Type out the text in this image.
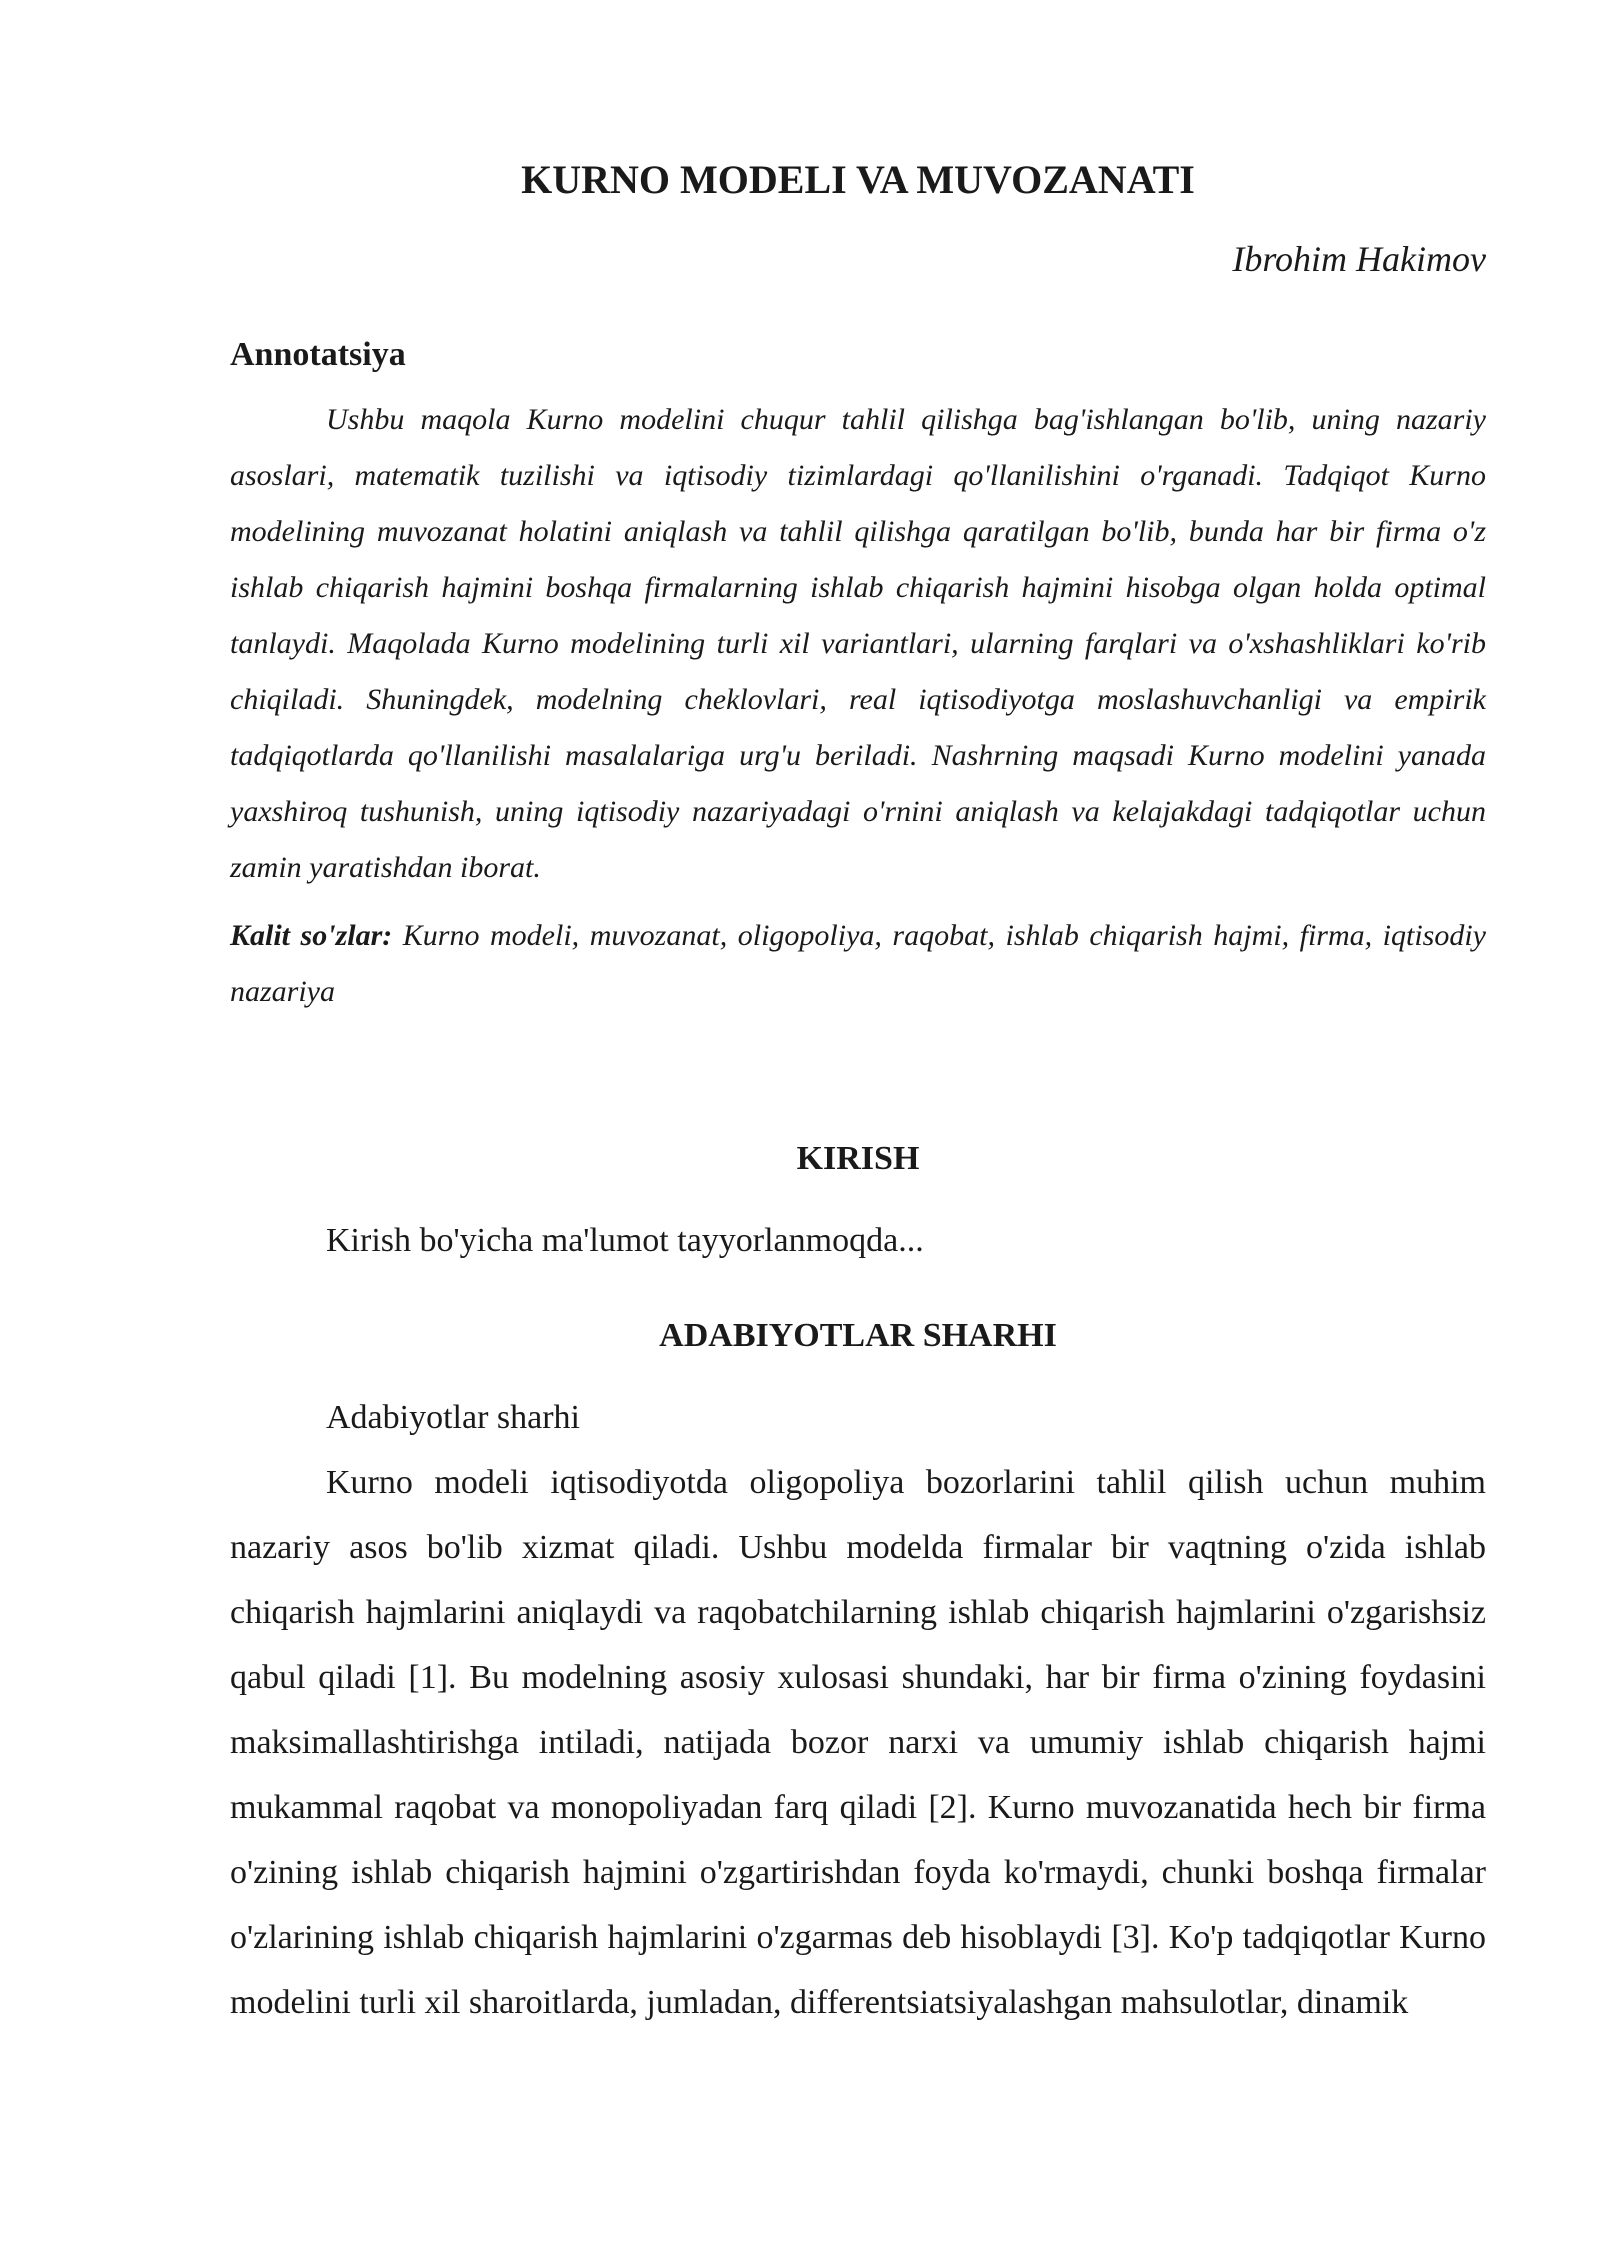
KURNO MODELI VA MUVOZANATI
Ibrohim Hakimov
Annotatsiya
Ushbu maqola Kurno modelini chuqur tahlil qilishga bag'ishlangan bo'lib, uning nazariy asoslari, matematik tuzilishi va iqtisodiy tizimlardagi qo'llanilishini o'rganadi. Tadqiqot Kurno modelining muvozanat holatini aniqlash va tahlil qilishga qaratilgan bo'lib, bunda har bir firma o'z ishlab chiqarish hajmini boshqa firmalarning ishlab chiqarish hajmini hisobga olgan holda optimal tanlaydi. Maqolada Kurno modelining turli xil variantlari, ularning farqlari va o'xshashliklari ko'rib chiqiladi. Shuningdek, modelning cheklovlari, real iqtisodiyotga moslashuvchanligi va empirik tadqiqotlarda qo'llanilishi masalalariga urg'u beriladi. Nashrning maqsadi Kurno modelini yanada yaxshiroq tushunish, uning iqtisodiy nazariyadagi o'rnini aniqlash va kelajakdagi tadqiqotlar uchun zamin yaratishdan iborat.
Kalit so'zlar: Kurno modeli, muvozanat, oligopoliya, raqobat, ishlab chiqarish hajmi, firma, iqtisodiy nazariya
KIRISH
Kirish bo'yicha ma'lumot tayyorlanmoqda...
ADABIYOTLAR SHARHI
Adabiyotlar sharhi
Kurno modeli iqtisodiyotda oligopoliya bozorlarini tahlil qilish uchun muhim nazariy asos bo'lib xizmat qiladi. Ushbu modelda firmalar bir vaqtning o'zida ishlab chiqarish hajmlarini aniqlaydi va raqobatchilarning ishlab chiqarish hajmlarini o'zgarishsiz qabul qiladi [1]. Bu modelning asosiy xulosasi shundaki, har bir firma o'zining foydasini maksimallashtirishga intiladi, natijada bozor narxi va umumiy ishlab chiqarish hajmi mukammal raqobat va monopoliyadan farq qiladi [2]. Kurno muvozanatida hech bir firma o'zining ishlab chiqarish hajmini o'zgartirishdan foyda ko'rmaydi, chunki boshqa firmalar o'zlarining ishlab chiqarish hajmlarini o'zgarmas deb hisoblaydi [3]. Ko'p tadqiqotlar Kurno modelini turli xil sharoitlarda, jumladan, differentsiatsiyalashgan mahsulotlar, dinamik
